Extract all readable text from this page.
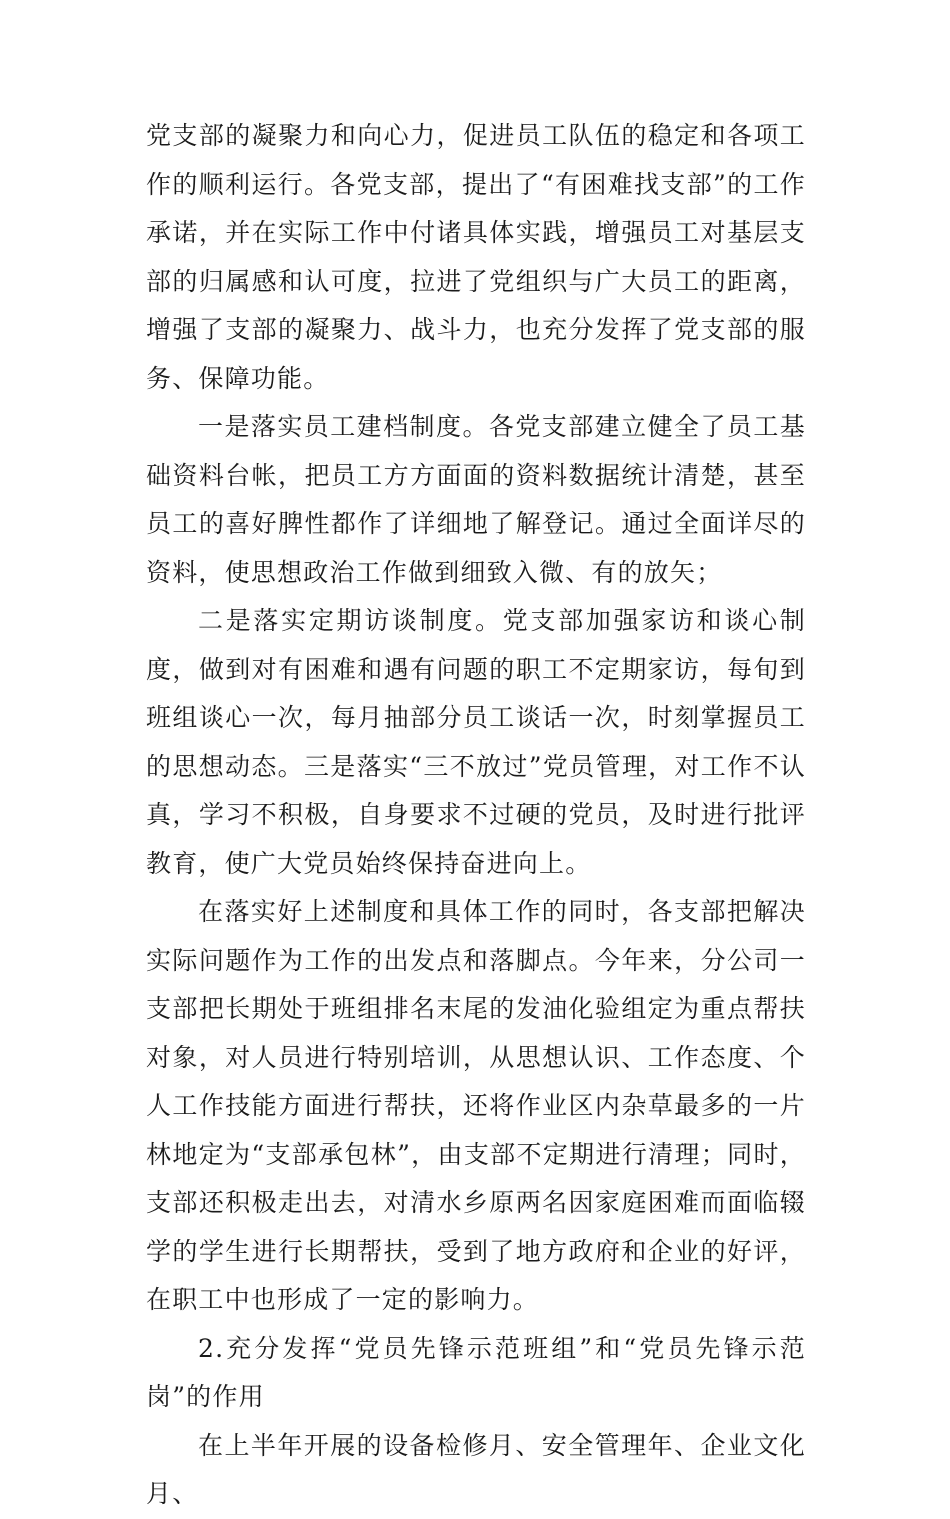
党支部的凝聚力和向心力，促进员工队伍的稳定和各项工作的顺利运行。各党支部，提出了“有困难找支部”的工作承诺，并在实际工作中付诸具体实践，增强员工对基层支部的归属感和认可度，拉进了党组织与广大员工的距离，增强了支部的凝聚力、战斗力，也充分发挥了党支部的服务、保障功能。

一是落实员工建档制度。各党支部建立健全了员工基础资料台帐，把员工方方面面的资料数据统计清楚，甚至员工的喜好脾性都作了详细地了解登记。通过全面详尽的资料，使思想政治工作做到细致入微、有的放矢；

二是落实定期访谈制度。党支部加强家访和谈心制度，做到对有困难和遇有问题的职工不定期家访，每旬到班组谈心一次，每月抽部分员工谈话一次，时刻掌握员工的思想动态。三是落实“三不放过”党员管理，对工作不认真，学习不积极，自身要求不过硬的党员，及时进行批评教育，使广大党员始终保持奋进向上。

在落实好上述制度和具体工作的同时，各支部把解决实际问题作为工作的出发点和落脚点。今年来，分公司一支部把长期处于班组排名末尾的发油化验组定为重点帮扶对象，对人员进行特别培训，从思想认识、工作态度、个人工作技能方面进行帮扶，还将作业区内杂草最多的一片林地定为“支部承包林”，由支部不定期进行清理；同时，支部还积极走出去，对清水乡原两名因家庭困难而面临辍学的学生进行长期帮扶，受到了地方政府和企业的好评，在职工中也形成了一定的影响力。

2.充分发挥“党员先锋示范班组”和“党员先锋示范岗”的作用

在上半年开展的设备检修月、安全管理年、企业文化月、
